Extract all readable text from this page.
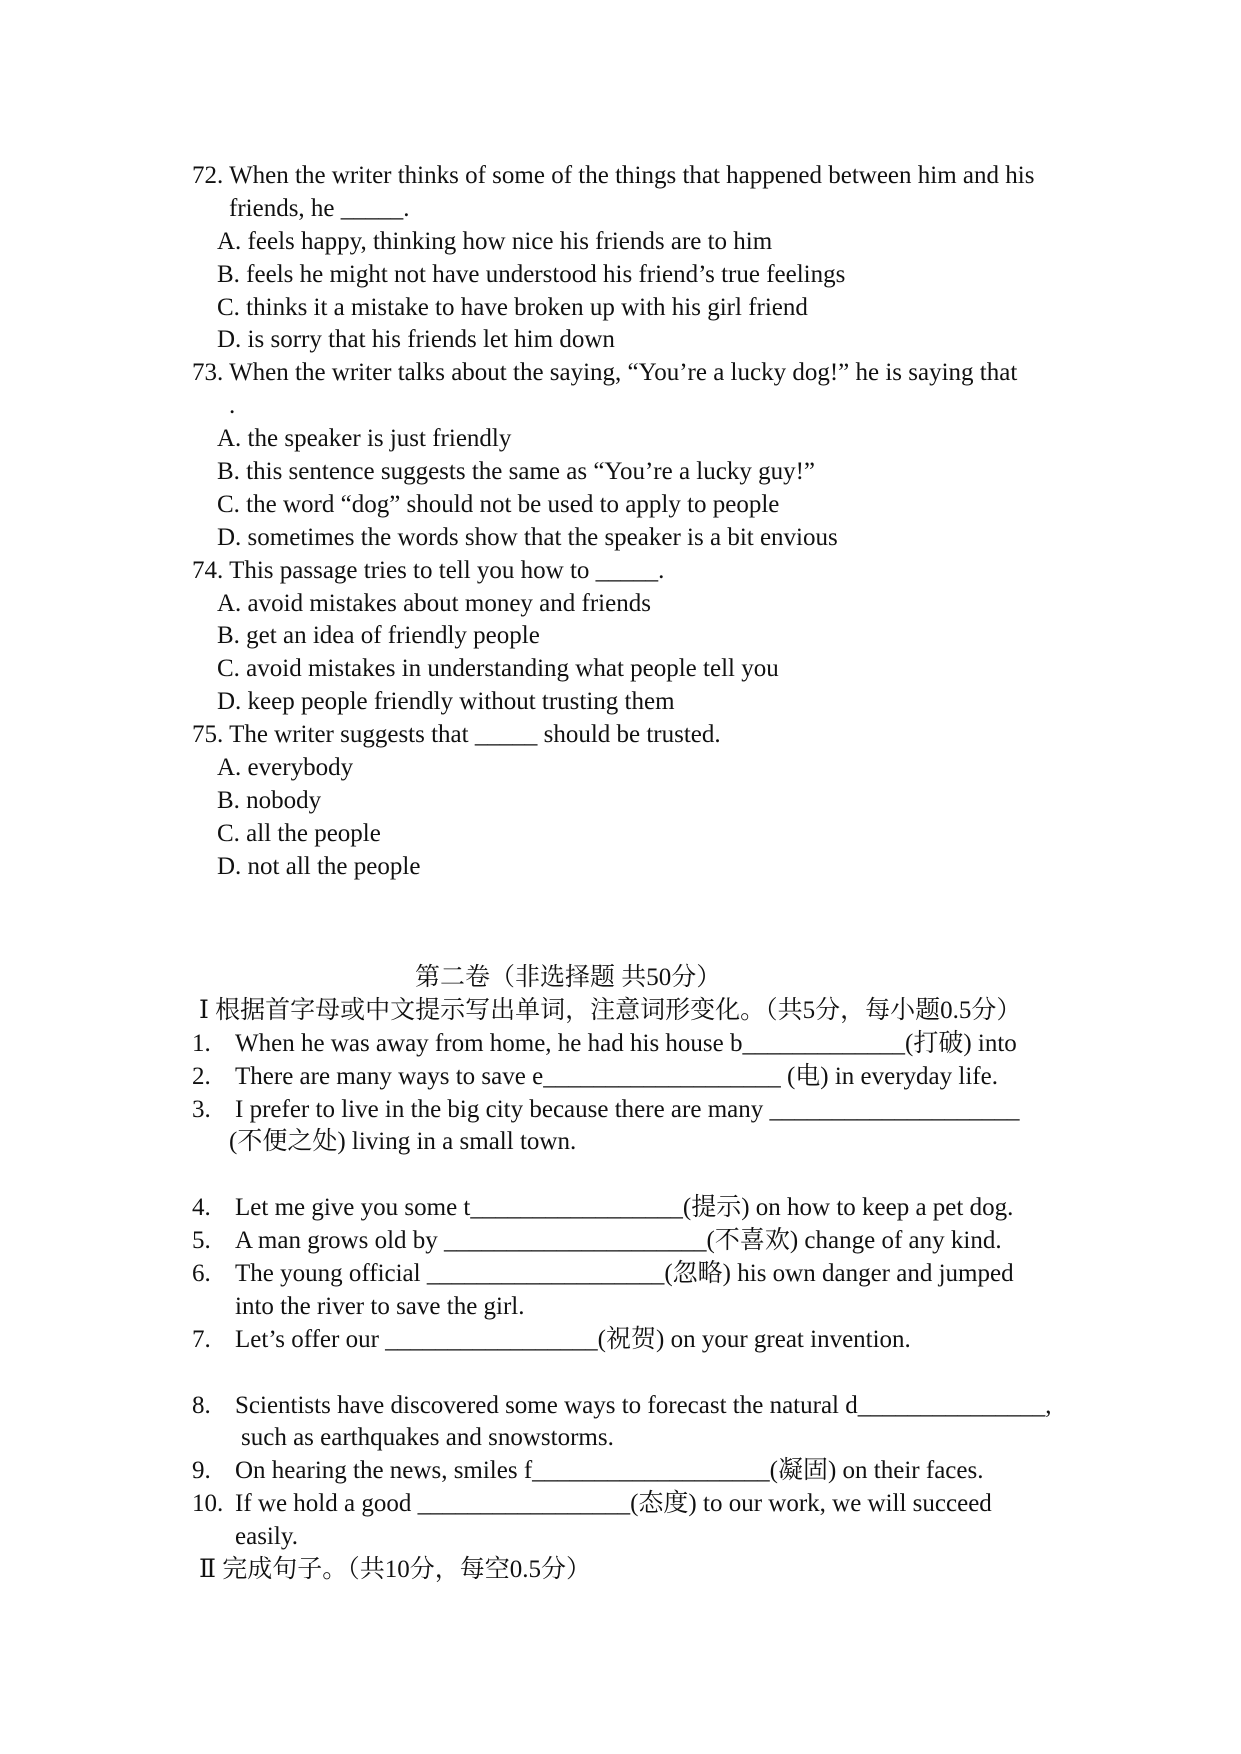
72. When the writer thinks of some of the things that happened between him and his
friends, he _____.
A. feels happy, thinking how nice his friends are to him
B. feels he might not have understood his friend’s true feelings
C. thinks it a mistake to have broken up with his girl friend
D. is sorry that his friends let him down
73. When the writer talks about the saying, “You’re a lucky dog!” he is saying that
.
A. the speaker is just friendly
B. this sentence suggests the same as “You’re a lucky guy!”
C. the word “dog” should not be used to apply to people
D. sometimes the words show that the speaker is a bit envious
74. This passage tries to tell you how to _____.
A. avoid mistakes about money and friends
B. get an idea of friendly people
C. avoid mistakes in understanding what people tell you
D. keep people friendly without trusting them
75. The writer suggests that _____ should be trusted.
A. everybody
B. nobody
C. all the people
D. not all the people
第二卷（非选择题 共50分）
Ⅰ 根据首字母或中文提示写出单词，注意词形变化。（共5分，每小题0.5分）
1. When he was away from home, he had his house b_____________(打破) into
2. There are many ways to save e___________________ (电) in everyday life.
3. I prefer to live in the big city because there are many ____________________
(不便之处) living in a small town.
4. Let me give you some t_________________(提示) on how to keep a pet dog.
5. A man grows old by _____________________(不喜欢) change of any kind.
6. The young official ___________________(忽略) his own danger and jumped
into the river to save the girl.
7. Let’s offer our _________________(祝贺) on your great invention.
8. Scientists have discovered some ways to forecast the natural d_______________,
such as earthquakes and snowstorms.
9. On hearing the news, smiles f___________________(凝固) on their faces.
10. If we hold a good _________________(态度) to our work, we will succeed
easily.
Ⅱ 完成句子。（共10分，每空0.5分）
